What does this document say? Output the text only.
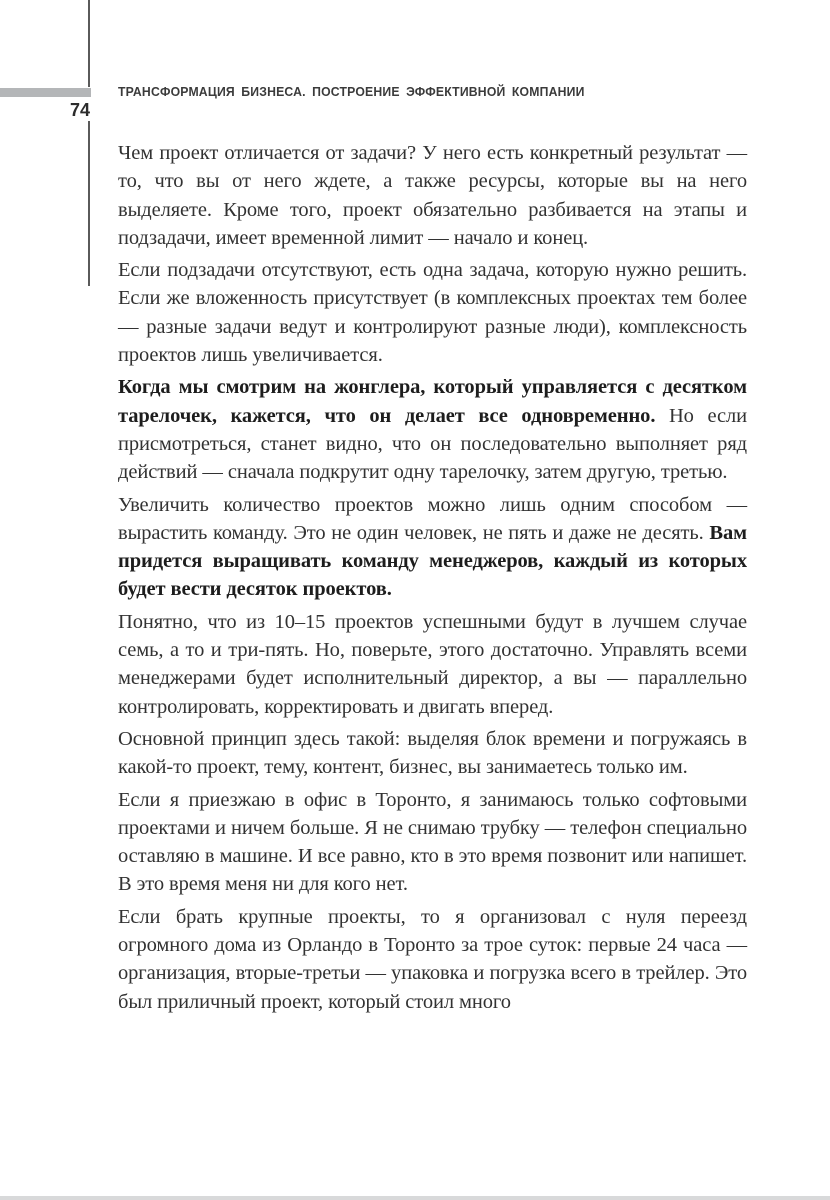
74
ТРАНСФОРМАЦИЯ БИЗНЕСА. ПОСТРОЕНИЕ ЭФФЕКТИВНОЙ КОМПАНИИ

Чем проект отличается от задачи? У него есть конкретный результат — то, что вы от него ждете, а также ресурсы, которые вы на него выделяете. Кроме того, проект обязательно разбивается на этапы и подзадачи, имеет временной лимит — начало и конец.

Если подзадачи отсутствуют, есть одна задача, которую нужно решить. Если же вложенность присутствует (в комплексных проектах тем более — разные задачи ведут и контролируют разные люди), комплексность проектов лишь увеличивается.

Когда мы смотрим на жонглера, который управляется с десятком тарелочек, кажется, что он делает все одновременно. Но если присмотреться, станет видно, что он последовательно выполняет ряд действий — сначала подкрутит одну тарелочку, затем другую, третью.

Увеличить количество проектов можно лишь одним способом — вырастить команду. Это не один человек, не пять и даже не десять. Вам придется выращивать команду менеджеров, каждый из которых будет вести десяток проектов.

Понятно, что из 10–15 проектов успешными будут в лучшем случае семь, а то и три-пять. Но, поверьте, этого достаточно. Управлять всеми менеджерами будет исполнительный директор, а вы — параллельно контролировать, корректировать и двигать вперед.

Основной принцип здесь такой: выделяя блок времени и погружаясь в какой-то проект, тему, контент, бизнес, вы занимаетесь только им.

Если я приезжаю в офис в Торонто, я занимаюсь только софтовыми проектами и ничем больше. Я не снимаю трубку — телефон специально оставляю в машине. И все равно, кто в это время позвонит или напишет. В это время меня ни для кого нет.

Если брать крупные проекты, то я организовал с нуля переезд огромного дома из Орландо в Торонто за трое суток: первые 24 часа — организация, вторые-третьи — упаковка и погрузка всего в трейлер. Это был приличный проект, который стоил много
